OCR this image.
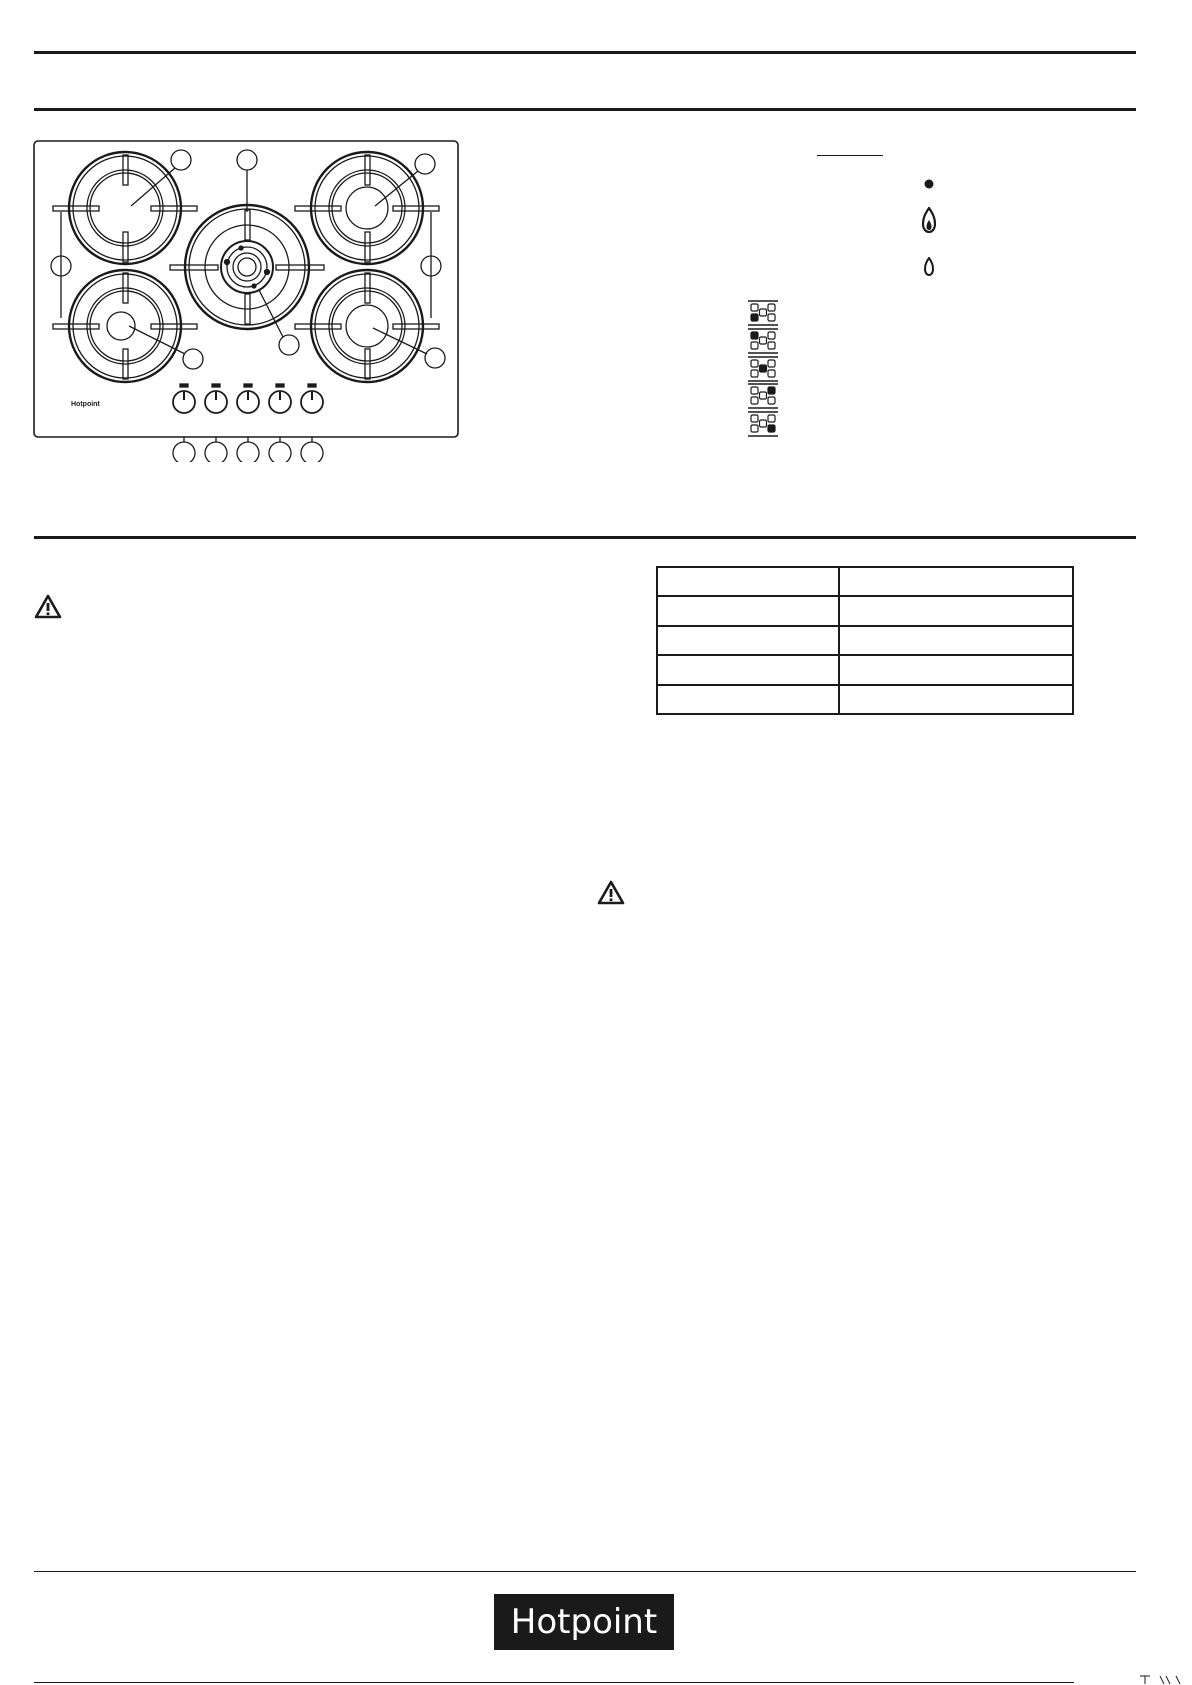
Hotpoint

Hotpoint
